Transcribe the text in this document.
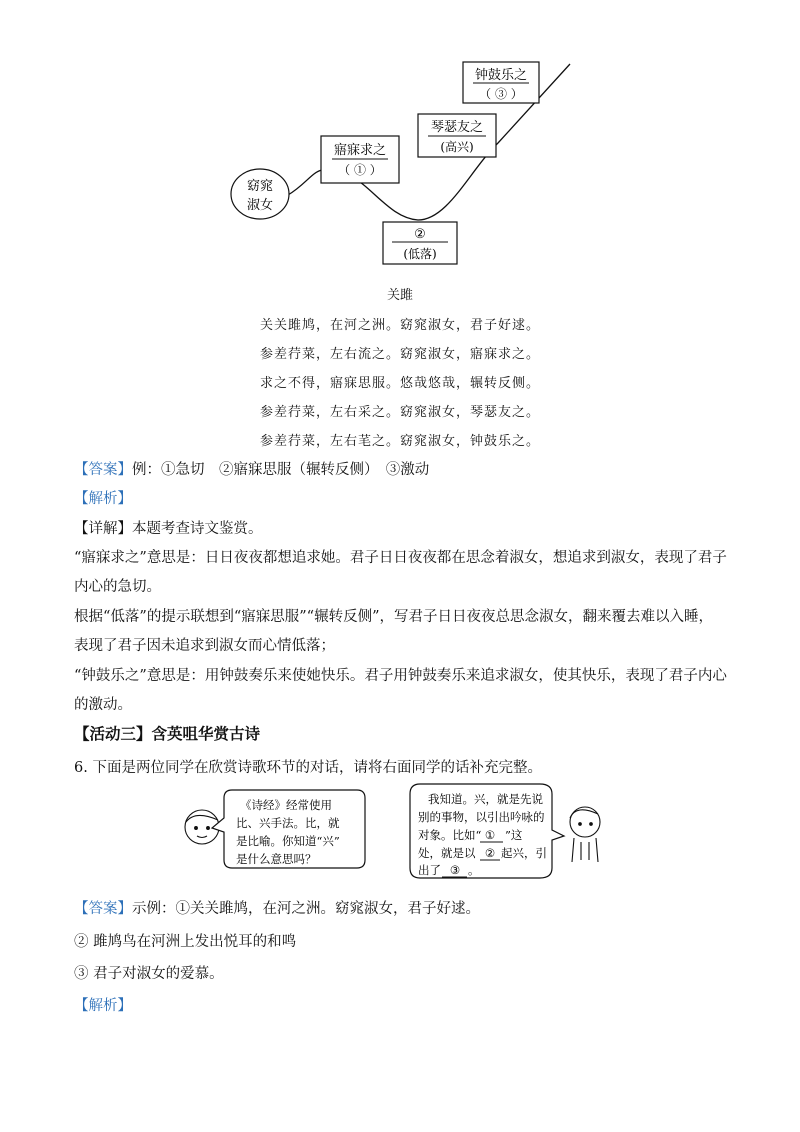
窈窕
淑女
寤寐求之
（ ① ）
②
(低落)
琴瑟友之
(高兴)
钟鼓乐之
（ ③ ）
关雎
关关雎鸠，在河之洲。窈窕淑女，君子好逑。
参差荇菜，左右流之。窈窕淑女，寤寐求之。
求之不得，寤寐思服。悠哉悠哉，辗转反侧。
参差荇菜，左右采之。窈窕淑女，琴瑟友之。
参差荇菜，左右芼之。窈窕淑女，钟鼓乐之。
【答案】例：①急切　②寤寐思服（辗转反侧）　③激动
【解析】
【详解】本题考查诗文鉴赏。
“寤寐求之”意思是：日日夜夜都想追求她。君子日日夜夜都在思念着淑女，想追求到淑女，表现了君子
内心的急切。
根据“低落”的提示联想到“寤寐思服”“辗转反侧”，写君子日日夜夜总思念淑女，翻来覆去难以入睡，
表现了君子因未追求到淑女而心情低落；
“钟鼓乐之”意思是：用钟鼓奏乐来使她快乐。君子用钟鼓奏乐来追求淑女，使其快乐，表现了君子内心
的激动。
【活动三】含英咀华赏古诗
6. 下面是两位同学在欣赏诗歌环节的对话，请将右面同学的话补充完整。
《诗经》经常使用
比、兴手法。比，就
是比喻。你知道“兴”
是什么意思吗？
我知道。兴，就是先说
别的事物，以引出吟咏的
对象。比如“ ① ”这
处，就是以 ② 起兴，引
出了 ③ 。
【答案】示例：①关关雎鸠，在河之洲。窈窕淑女，君子好逑。
② 雎鸠鸟在河洲上发出悦耳的和鸣
③ 君子对淑女的爱慕。
【解析】
